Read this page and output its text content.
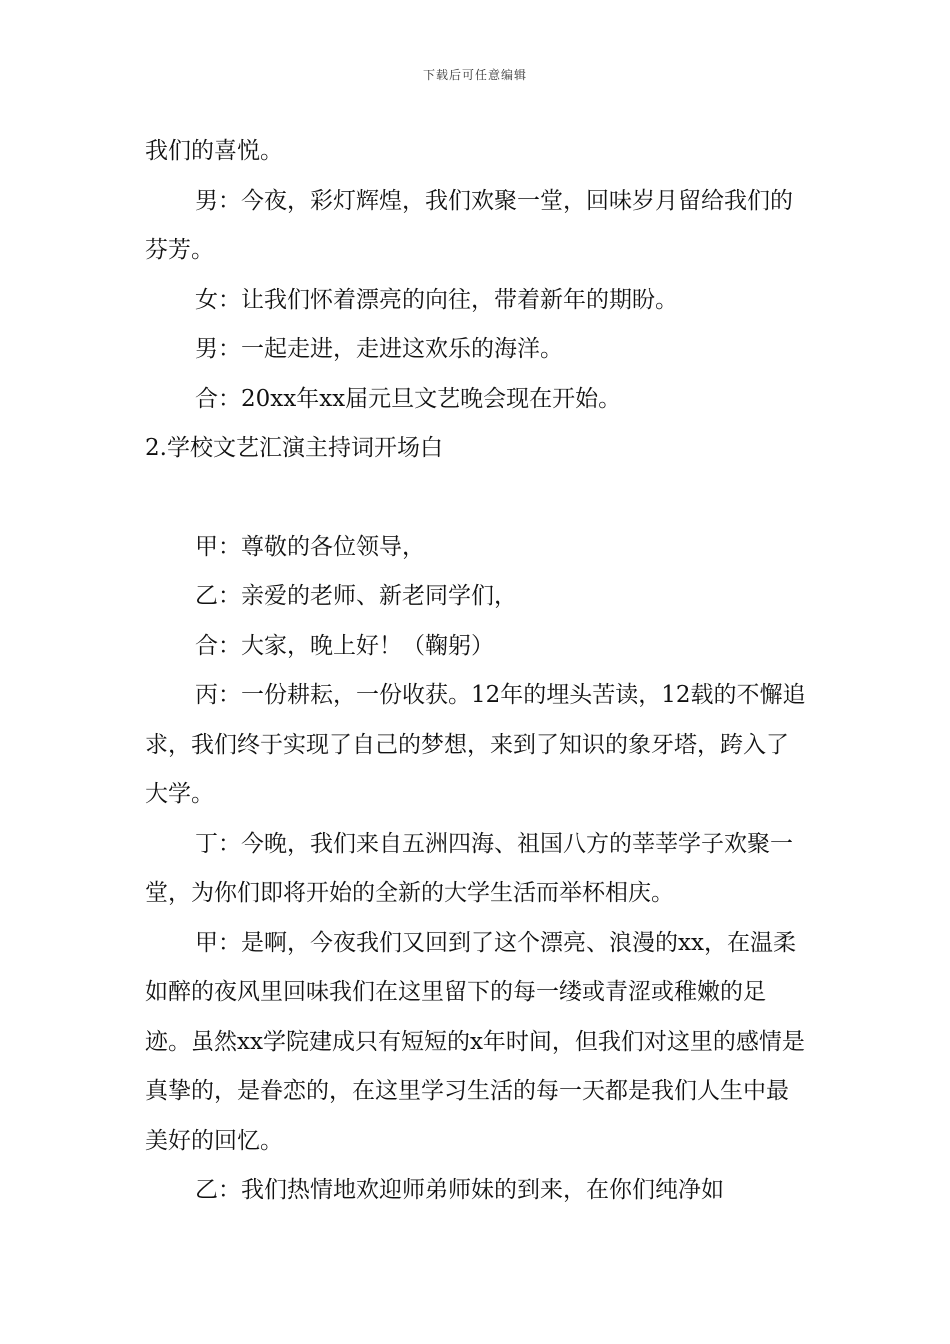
下载后可任意编辑

我们的喜悦。

男：今夜，彩灯辉煌，我们欢聚一堂，回味岁月留给我们的芬芳。

女：让我们怀着漂亮的向往，带着新年的期盼。

男：一起走进，走进这欢乐的海洋。

合：20xx年xx届元旦文艺晚会现在开始。

2.学校文艺汇演主持词开场白

甲：尊敬的各位领导，

乙：亲爱的老师、新老同学们，

合：大家，晚上好！（鞠躬）

丙：一份耕耘，一份收获。12年的埋头苦读，12载的不懈追求，我们终于实现了自己的梦想，来到了知识的象牙塔，跨入了大学。

丁：今晚，我们来自五洲四海、祖国八方的莘莘学子欢聚一堂，为你们即将开始的全新的大学生活而举杯相庆。

甲：是啊，今夜我们又回到了这个漂亮、浪漫的xx，在温柔如醉的夜风里回味我们在这里留下的每一缕或青涩或稚嫩的足迹。虽然xx学院建成只有短短的x年时间，但我们对这里的感情是真挚的，是眷恋的，在这里学习生活的每一天都是我们人生中最美好的回忆。

乙：我们热情地欢迎师弟师妹的到来，在你们纯净如
